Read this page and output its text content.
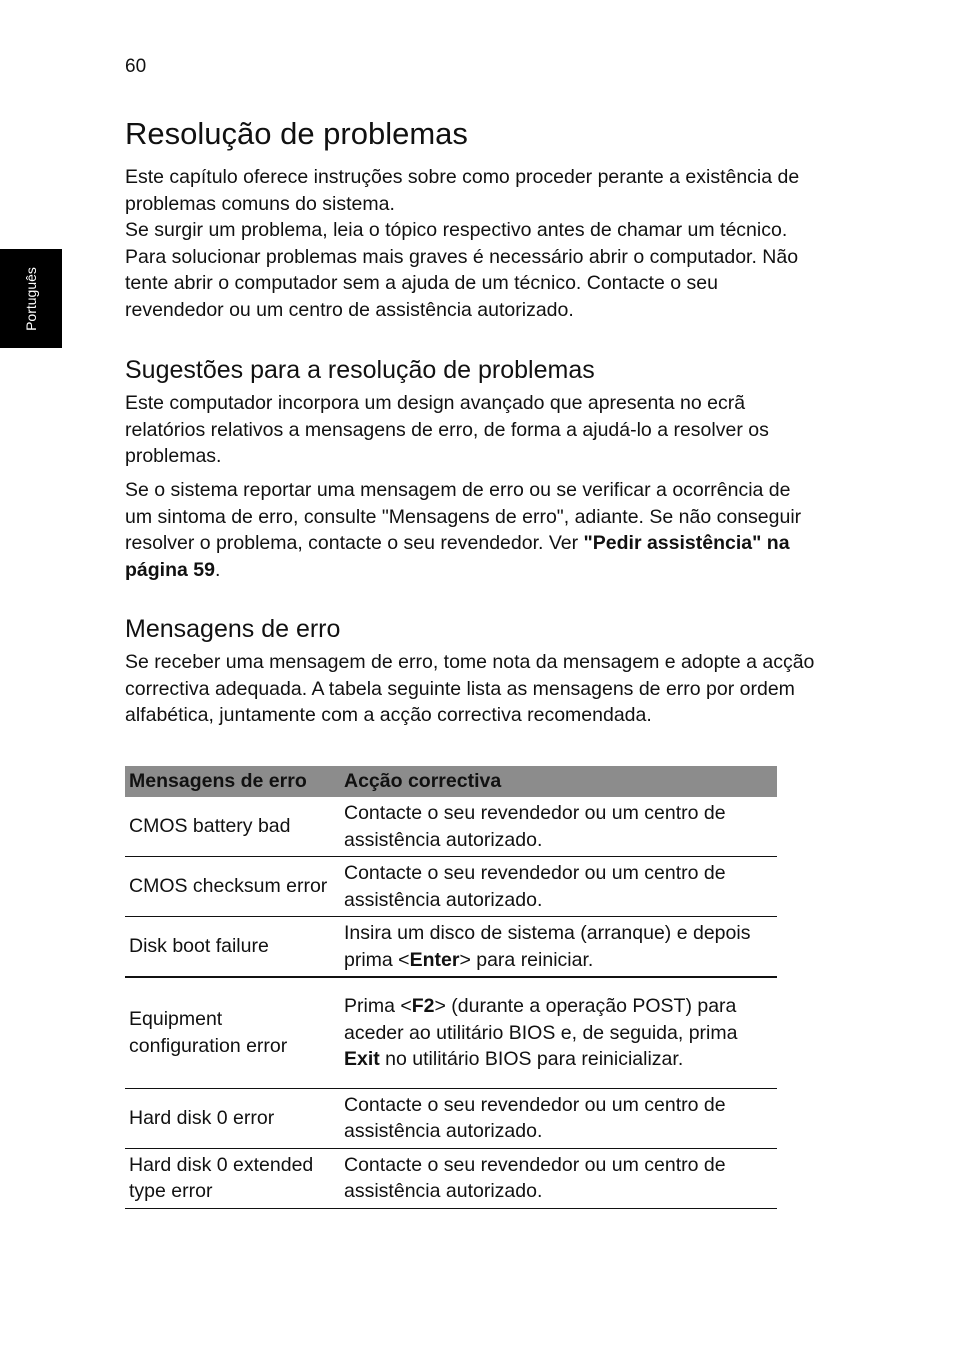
60
Português
Resolução de problemas

Este capítulo oferece instruções sobre como proceder perante a existência de problemas comuns do sistema.

Se surgir um problema, leia o tópico respectivo antes de chamar um técnico. Para solucionar problemas mais graves é necessário abrir o computador. Não tente abrir o computador sem a ajuda de um técnico. Contacte o seu revendedor ou um centro de assistência autorizado.

Sugestões para a resolução de problemas
Este computador incorpora um design avançado que apresenta no ecrã relatórios relativos a mensagens de erro, de forma a ajudá-lo a resolver os problemas.
Se o sistema reportar uma mensagem de erro ou se verificar a ocorrência de um sintoma de erro, consulte "Mensagens de erro", adiante. Se não conseguir resolver o problema, contacte o seu revendedor. Ver "Pedir assistência" na página 59.
Mensagens de erro
Se receber uma mensagem de erro, tome nota da mensagem e adopte a acção correctiva adequada. A tabela seguinte lista as mensagens de erro por ordem alfabética, juntamente com a acção correctiva recomendada.
Mensagens de erro	Acção correctiva
CMOS battery bad	Contacte o seu revendedor ou um centro de assistência autorizado.
CMOS checksum error	Contacte o seu revendedor ou um centro de assistência autorizado.
Disk boot failure	Insira um disco de sistema (arranque) e depois prima <Enter> para reiniciar.
Equipment configuration error	Prima <F2> (durante a operação POST) para aceder ao utilitário BIOS e, de seguida, prima Exit no utilitário BIOS para reinicializar.
Hard disk 0 error	Contacte o seu revendedor ou um centro de assistência autorizado.
Hard disk 0 extended type error	Contacte o seu revendedor ou um centro de assistência autorizado.
